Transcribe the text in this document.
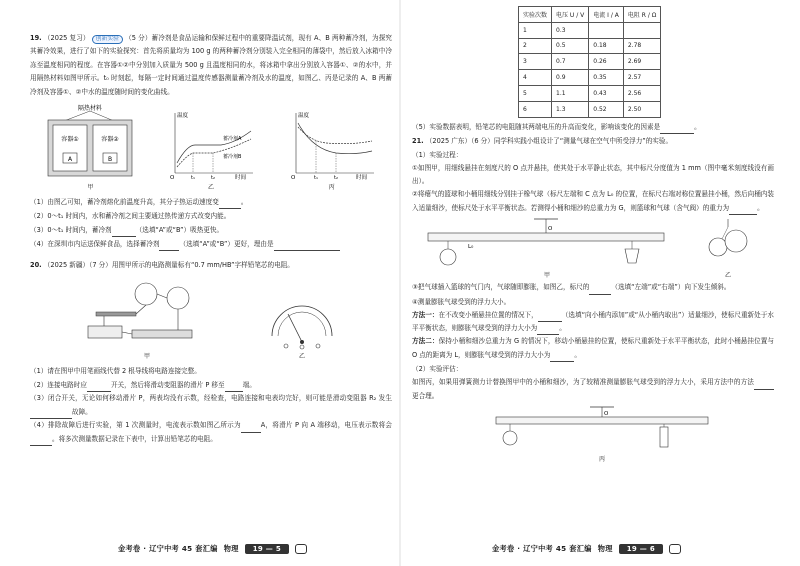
19. （2025 复习） 创新实验 （5 分）蓄冷剂是食品运输和保鲜过程中的重要降温试剂，现有 A、B 两种蓄冷剂，为探究其蓄冷效果，进行了如下的实验探究：首先将质量均为 100 g 的两种蓄冷剂分别装入完全相同的薄袋中，然后放入冰箱中冷冻至温度相同的程度。在容器①②中分别加入质量为 500 g 且温度相同的水，将冰箱中拿出分别放入容器①、②的水中，并用隔热材料如图甲所示。t₀ 时刻起，每隔一定时间通过温度传感器测量蓄冷剂及水的温度，如图乙、丙是记录的 A、B 两蓄冷剂及容器①、②中水的温度随时间的变化曲线。

隔热材料
容器①	容器②
A	B
甲
温度
时间
O
蓄冷剂A
蓄冷剂B
t₁	t₂
乙
温度
时间
O	t₁	t₂
丙

（1）由图乙可知，蓄冷剂熔化前温度升高，其分子热运动速度变	。

（2）0～t₁ 时间内，水和蓄冷剂之间主要通过热传递方式改变内能。

（3）0～t₁ 时间内，蓄冷剂	（选填“A”或“B”）吸热更快。

（4）在深圳市内运送保鲜食品，选择蓄冷剂	（选填“A”或“B”）更好，理由是

20. （2025 新疆）（7 分）用图甲所示的电路测量标有“0.7 mm/HB”字样铅笔芯的电阻。

甲	乙

（1）请在图甲中用笔画线代替 2 根导线将电路连接完整。

（2）连接电路时应	开关，然后将滑动变阻器的滑片 P 移至	端。

（3）闭合开关，无论如何移动滑片 P，两表均没有示数，经检查，电路连接和电表均完好，则可能是滑动变阻器 R₂ 发生故障。

（4）排除故障后进行实验，第 1 次测量时，电流表示数如图乙所示为	A，将滑片 P 向 A 端移动，电压表示数将会。将多次测量数据记录在下表中，计算出铅笔芯的电阻。

金考卷 · 辽宁中考 45 套汇编 物理	19 — 5
实验次数	电压 U / V	电流 I / A	电阻 R / Ω
1	0.3		
2	0.5	0.18	2.78
3	0.7	0.26	2.69
4	0.9	0.35	2.57
5	1.1	0.43	2.56
6	1.3	0.52	2.50

（5）实验数据表明，铅笔芯的电阻随其两端电压的升高而变化，影响该变化的因素是	。

21. （2025 广东）（6 分）同学科实践小组设计了“测量气球在空气中所受浮力”的实验。

（1）实验过程：

①如图甲，用细线悬挂在刻度尺的 O 点并悬挂，使其处于水平静止状态，其中标尺分度值为 1 mm（图中毫米刻度线没有画出）。

②将瘪气的篮球和小桶用细线分别挂于橡气球（标尺左端和 C 点为 L₀ 的位置，在标尺右端对称位置悬挂小桶，然后向桶内装入适量细沙，使标尺处于水平平衡状态。若测得小桶和细沙的总重力为 G，则篮球和气球（含气阀）的重力为	。

O
L₀
甲	乙

③把气球插入篮球的气门内，气球随即膨胀，如图乙，标尺的	（选填“左端”或“右端”）向下发生倾斜。

④测量膨胀气球受到的浮力大小。

方法一：在不改变小桶悬挂位置的情况下，	（选填“向小桶内添加”或“从小桶内取出”）适量细沙，使标尺重新处于水平平衡状态，则膨胀气球受到的浮力大小为	。

方法二：保持小桶和细沙总重力为 G 的情况下，移动小桶悬挂的位置，使标尺重新处于水平平衡状态，此时小桶悬挂位置与 O 点的距离为 L，则膨胀气球受到的浮力大小为	。

（2）实验评估：

如图丙，如果用弹簧测力计替换图甲中的小桶和细沙，为了较精准测量膨胀气球受到的浮力大小，采用方法中的方法更合理。

O
丙
金考卷 · 辽宁中考 45 套汇编 物理	19 — 6
